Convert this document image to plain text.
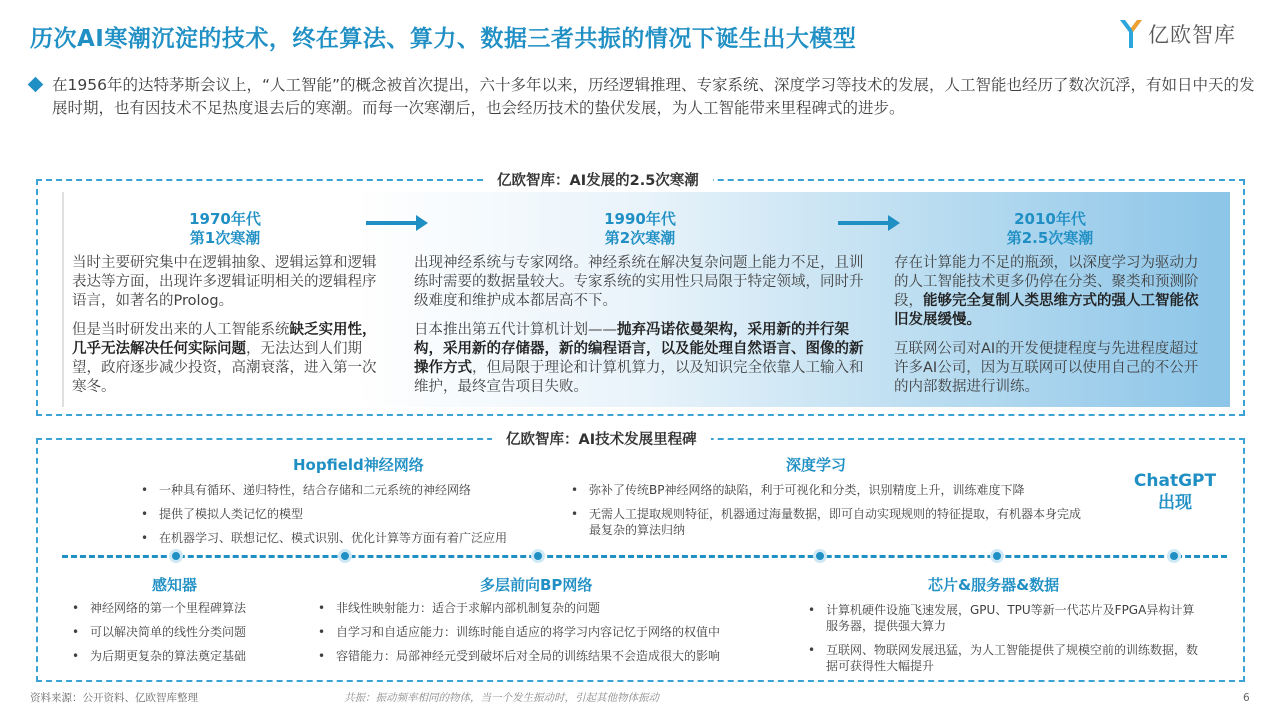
历次AI寒潮沉淀的技术，终在算法、算力、数据三者共振的情况下诞生出大模型	亿欧智库
在1956年的达特茅斯会议上，“人工智能”的概念被首次提出，六十多年以来，历经逻辑推理、专家系统、深度学习等技术的发展，人工智能也经历了数次沉浮，有如日中天的发展时期，也有因技术不足热度退去后的寒潮。而每一次寒潮后，也会经历技术的蛰伏发展，为人工智能带来里程碑式的进步。
亿欧智库：AI发展的2.5次寒潮
1970年代
第1次寒潮
1990年代
第2次寒潮
2010年代
第2.5次寒潮

当时主要研究集中在逻辑抽象、逻辑运算和逻辑表达等方面，出现许多逻辑证明相关的逻辑程序语言，如著名的Prolog。

但是当时研发出来的人工智能系统缺乏实用性，几乎无法解决任何实际问题，无法达到人们期望，政府逐步减少投资，高潮衰落，进入第一次寒冬。

出现神经系统与专家网络。神经系统在解决复杂问题上能力不足，且训练时需要的数据量较大。专家系统的实用性只局限于特定领域，同时升级难度和维护成本都居高不下。

日本推出第五代计算机计划——抛弃冯诺依曼架构，采用新的并行架构，采用新的存储器，新的编程语言，以及能处理自然语言、图像的新操作方式，但局限于理论和计算机算力，以及知识完全依靠人工输入和维护，最终宣告项目失败。

存在计算能力不足的瓶颈，以深度学习为驱动力的人工智能技术更多仍停在分类、聚类和预测阶段，能够完全复制人类思维方式的强人工智能依旧发展缓慢。

互联网公司对AI的开发便捷程度与先进程度超过许多AI公司，因为互联网可以使用自己的不公开的内部数据进行训练。

亿欧智库：AI技术发展里程碑
Hopfield神经网络
• 一种具有循环、递归特性，结合存储和二元系统的神经网络
• 提供了模拟人类记忆的模型
• 在机器学习、联想记忆、模式识别、优化计算等方面有着广泛应用
深度学习
• 弥补了传统BP神经网络的缺陷，利于可视化和分类，识别精度上升，训练难度下降
• 无需人工提取规则特征，机器通过海量数据，即可自动实现规则的特征提取，有机器本身完成最复杂的算法归纳
ChatGPT
出现
感知器
• 神经网络的第一个里程碑算法
• 可以解决简单的线性分类问题
• 为后期更复杂的算法奠定基础
多层前向BP网络
• 非线性映射能力：适合于求解内部机制复杂的问题
• 自学习和自适应能力：训练时能自适应的将学习内容记忆于网络的权值中
• 容错能力：局部神经元受到破坏后对全局的训练结果不会造成很大的影响
芯片&服务器&数据
• 计算机硬件设施飞速发展，GPU、TPU等新一代芯片及FPGA异构计算服务器，提供强大算力
• 互联网、物联网发展迅猛，为人工智能提供了规模空前的训练数据，数据可获得性大幅提升
资料来源：公开资料、亿欧智库整理	共振：振动频率相同的物体，当一个发生振动时，引起其他物体振动	6
